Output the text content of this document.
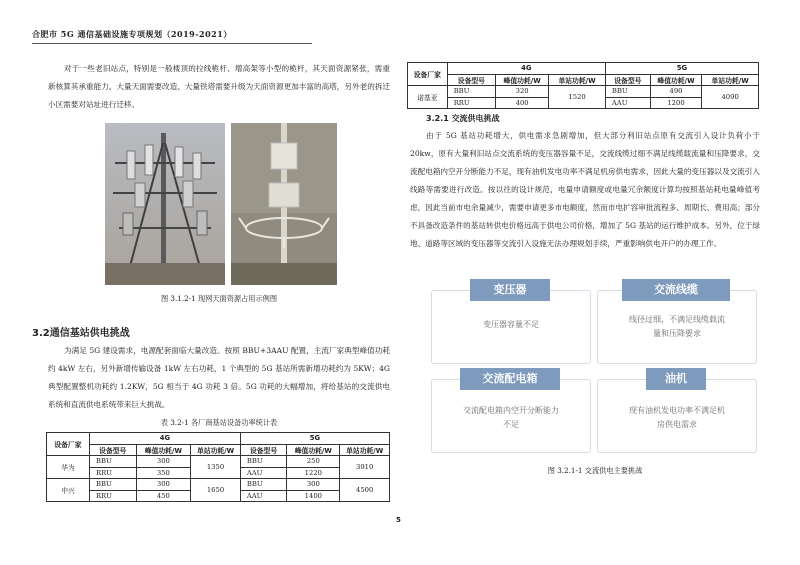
合肥市 5G 通信基础设施专项规划（2019-2021）
对于一些老旧站点，特别是一般楼顶的拉线桅杆、增高架等小型的桅杆，其天面资源紧张，需重新核算其承重能力。大量天面需要改造、大量铁塔需要升级为天面资源更加丰富的高塔，另外老的拆迁小区需要对站址进行迁移。
图 3.1.2-1 现网天面资源占用示例图
3.2通信基站供电挑战
为满足 5G 建设需求，电源配套面临大量改造。按照 BBU+3AAU 配置，主流厂家典型峰值功耗约 4kW 左右，另外新增传输设备 1kW 左右功耗，1 个典型的 5G 基站所需新增功耗约为 5KW；4G 典型配置整机功耗约 1.2KW，5G 相当于 4G 功耗 3 倍。5G 功耗的大幅增加，将给基站的交流供电系统和直流供电系统带来巨大挑战。
表 3.2-1 各厂商基站设备功率统计表
设备厂家	4G			5G		
	设备型号	峰值功耗/W	单站功耗/W	设备型号	峰值功耗/W	单站功耗/W
华为	BBU	300	1350	BBU	250	3910
	RRU	350		AAU	1220	
中兴	BBU	300	1650	BBU	300	4500
	RRU	450		AAU	1400	
设备厂家	4G			5G		
	设备型号	峰值功耗/W	单站功耗/W	设备型号	峰值功耗/W	单站功耗/W
诺基亚	BBU	320	1520	BBU	490	4090
	RRU	400		AAU	1200	
3.2.1 交流供电挑战
由于 5G 基站功耗增大，供电需求急剧增加，但大部分利旧站点原有交流引入设计负荷小于 20kw，原有大量利旧站点交流系统的变压器容量不足，交流线缆过细不满足线缆载流量和压降要求，交流配电箱内空开分断能力不足，现有油机发电功率不满足机房供电需求，因此大量的变压器以及交流引入线路等需要进行改造。按以往的设计规范，电量申请额度或电量冗余额度计算均按照基站耗电量峰值考虑，因此当前市电余量减少，需要申请更多市电额度，然而市电扩容审批流程多、周期长、费用高；部分不具备改造条件的基站转供电价格远高于供电公司价格，增加了 5G 基站的运行维护成本。另外，位于绿地、道路等区域的变压器等交流引入设施无法办理规划手续，严重影响供电开户的办理工作。
变压器
变压器容量不足
交流线缆
线径过细，不满足线缆载流
量和压降要求
交流配电箱
交流配电箱内空开分断能力
不足
油机
现有油机发电功率不满足机
房供电需求
图 3.2.1-1 交流供电主要挑战
5
